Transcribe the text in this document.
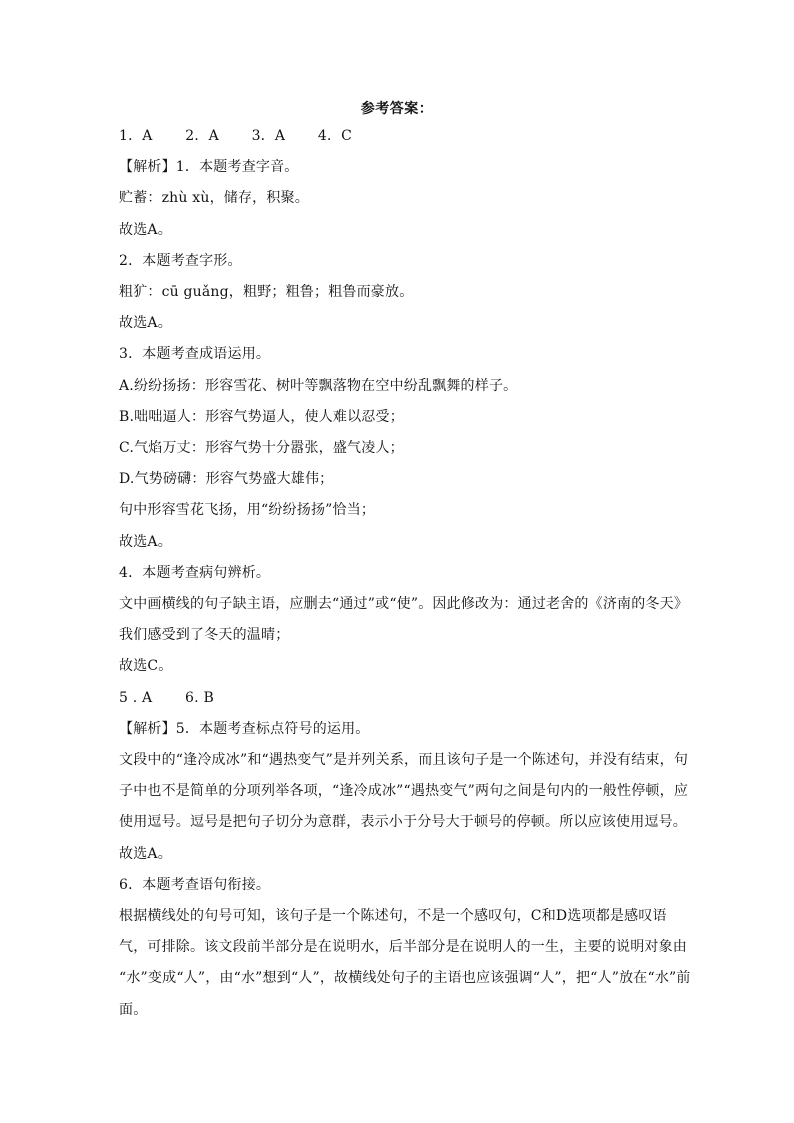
参考答案：
1．A 2．A 3．A 4．C
【解析】1．本题考查字音。
贮蓄：zhù xù，储存，积聚。
故选A。
2．本题考查字形。
粗犷：cū guǎng，粗野；粗鲁；粗鲁而豪放。
故选A。
3．本题考查成语运用。
A.纷纷扬扬：形容雪花、树叶等飘落物在空中纷乱飘舞的样子。
B.咄咄逼人：形容气势逼人，使人难以忍受；
C.气焰万丈：形容气势十分嚣张，盛气凌人；
D.气势磅礴：形容气势盛大雄伟；
句中形容雪花飞扬，用“纷纷扬扬”恰当；
故选A。
4．本题考查病句辨析。
文中画横线的句子缺主语，应删去“通过”或“使”。因此修改为：通过老舍的《济南的冬天》
我们感受到了冬天的温晴；
故选C。
5 . A 6. B
【解析】5．本题考查标点符号的运用。
文段中的“逢冷成冰”和“遇热变气”是并列关系，而且该句子是一个陈述句，并没有结束，句
子中也不是简单的分项列举各项，“逢冷成冰”“遇热变气”两句之间是句内的一般性停顿，应
使用逗号。逗号是把句子切分为意群，表示小于分号大于顿号的停顿。所以应该使用逗号。
故选A。
6．本题考查语句衔接。
根据横线处的句号可知，该句子是一个陈述句，不是一个感叹句，C和D选项都是感叹语
气，可排除。该文段前半部分是在说明水，后半部分是在说明人的一生，主要的说明对象由
“水”变成“人”，由“水”想到“人”，故横线处句子的主语也应该强调“人”，把“人”放在“水”前
面。
